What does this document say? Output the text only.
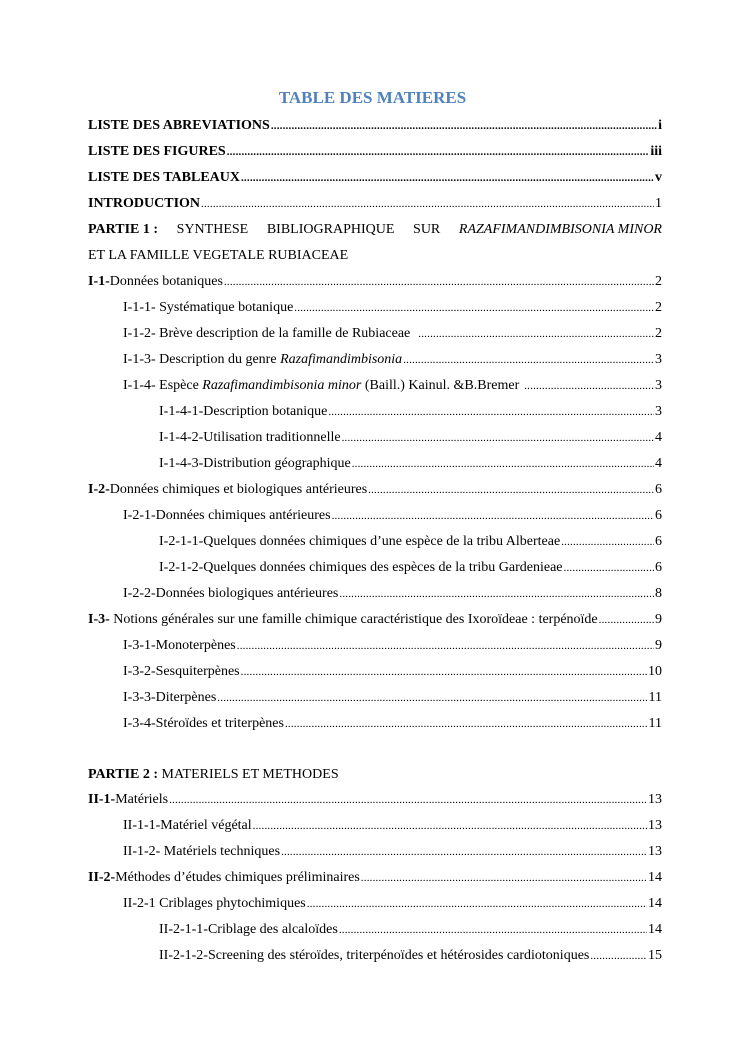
TABLE DES MATIERES
LISTE DES ABREVIATIONS .....	i
LISTE DES FIGURES .....	iii
LISTE DES TABLEAUX .....	v
INTRODUCTION .....	1
PARTIE 1 : SYNTHESE BIBLIOGRAPHIQUE SUR RAZAFIMANDIMBISONIA MINOR
ET LA FAMILLE VEGETALE RUBIACEAE
I-1-Données botaniques .....	2
I-1-1- Systématique botanique .....	2
I-1-2- Brève description de la famille de Rubiaceae .....	2
I-1-3- Description du genre Razafimandimbisonia .....	3
I-1-4- Espèce Razafimandimbisonia minor (Baill.) Kainul. &B.Bremer .....	3
I-1-4-1-Description botanique .....	3
I-1-4-2-Utilisation traditionnelle .....	4
I-1-4-3-Distribution géographique .....	4
I-2-Données chimiques et biologiques antérieures .....	6
I-2-1-Données chimiques antérieures .....	6
I-2-1-1-Quelques données chimiques d’une espèce de la tribu Alberteae .....	6
I-2-1-2-Quelques données chimiques des espèces de la tribu Gardenieae .....	6
I-2-2-Données biologiques antérieures .....	8
I-3- Notions générales sur une famille chimique caractéristique des Ixoroïdeae : terpénoïde .....	9
I-3-1-Monoterpènes .....	9
I-3-2-Sesquiterpènes .....	10
I-3-3-Diterpènes .....	11
I-3-4-Stéroïdes et triterpènes .....	11
PARTIE 2 : MATERIELS ET METHODES
II-1-Matériels .....	13
II-1-1-Matériel végétal .....	13
II-1-2- Matériels techniques .....	13
II-2-Méthodes d’études chimiques préliminaires .....	14
II-2-1 Criblages phytochimiques .....	14
II-2-1-1-Criblage des alcaloïdes .....	14
II-2-1-2-Screening des stéroïdes, triterpénoïdes et hétérosides cardiotoniques .....	15
